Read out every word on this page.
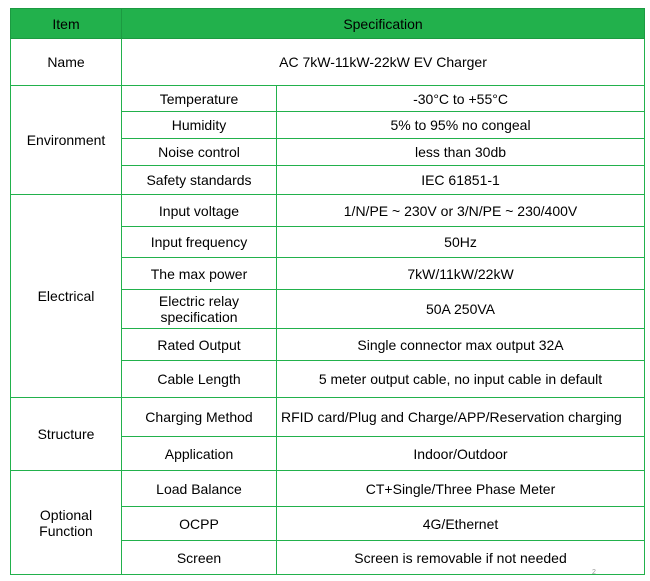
Item	Specification	
Name	AC 7kW-11kW-22kW EV Charger	
Environment	Temperature	-30°C to +55°C
	Humidity	5% to 95% no congeal
	Noise control	less than 30db
	Safety standards	IEC 61851-1
Electrical	Input voltage	1/N/PE ~ 230V or 3/N/PE ~ 230/400V
	Input frequency	50Hz
	The max power	7kW/11kW/22kW
	Electric relay specification	50A 250VA
	Rated Output	Single connector max output 32A
	Cable Length	5 meter output cable, no input cable in default
Structure	Charging Method	RFID card/Plug and Charge/APP/Reservation charging
	Application	Indoor/Outdoor
Optional Function	Load Balance	CT+Single/Three Phase Meter
	OCPP	4G/Ethernet
	Screen	Screen is removable if not needed
2
